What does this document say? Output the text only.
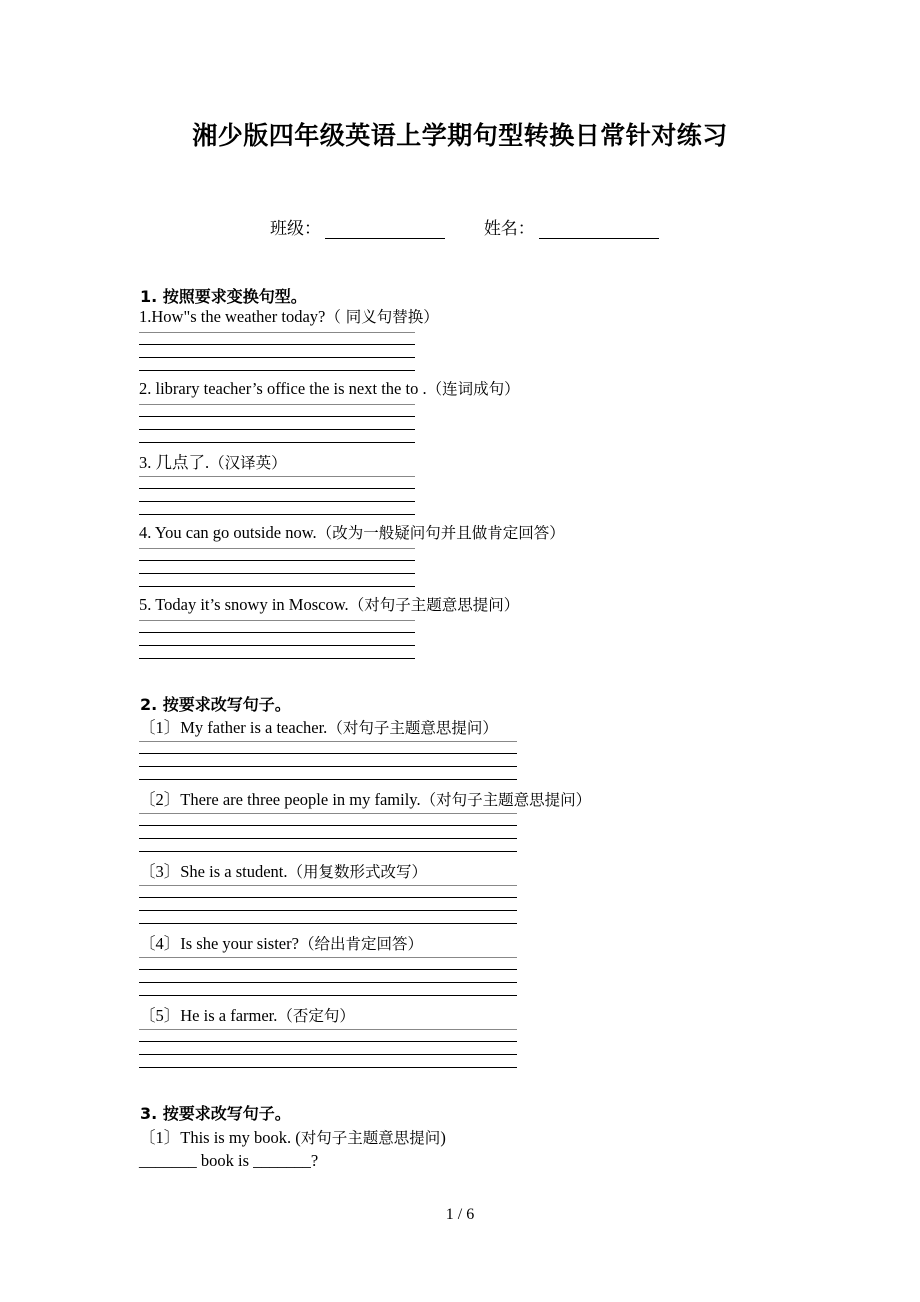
湘少版四年级英语上学期句型转换日常针对练习
班级：	姓名：
1. 按照要求变换句型。
1.How"s the weather today?（ 同义句替换）
2. library teacher’s office the is next the to .（连词成句）
3. 几点了.（汉译英）
4. You can go outside now.（改为一般疑问句并且做肯定回答）
5. Today it’s snowy in Moscow.（对句子主题意思提问）
2. 按要求改写句子。
〔1〕My father is a teacher.（对句子主题意思提问）
〔2〕There are three people in my family.（对句子主题意思提问）
〔3〕She is a student.（用复数形式改写）
〔4〕Is she your sister?（给出肯定回答）
〔5〕He is a farmer.（否定句）
3. 按要求改写句子。
〔1〕This is my book. (对句子主题意思提问)
_______ book is _______?
1 / 6
